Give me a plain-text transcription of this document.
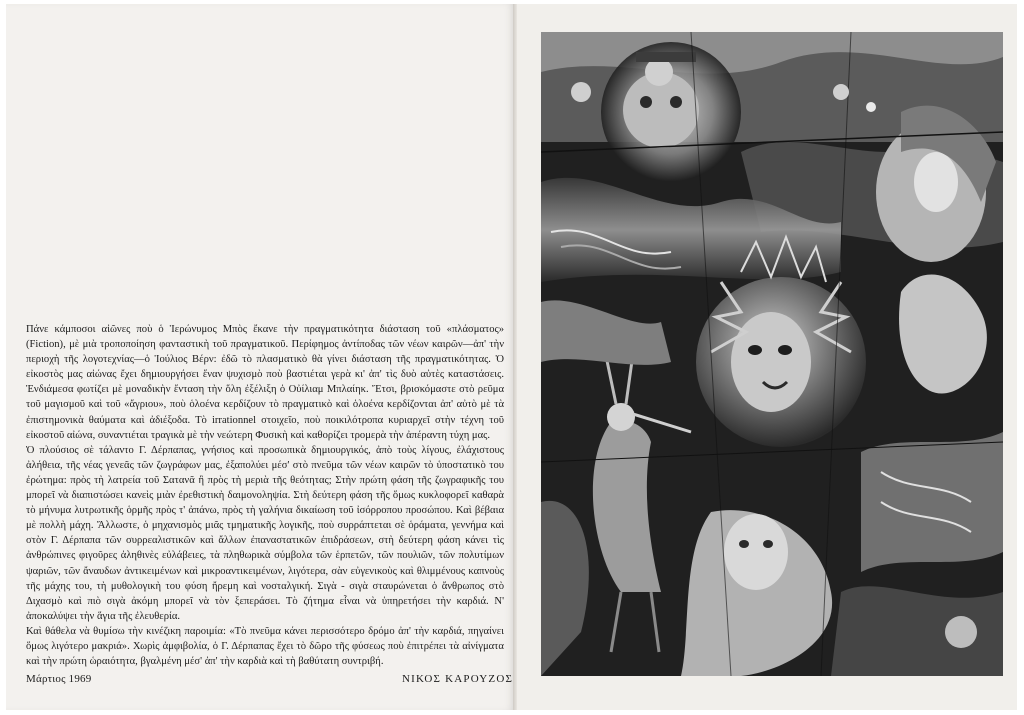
Πάνε κάμποσοι αἰῶνες ποὺ ὁ Ἱερώνυμος Μπὸς ἔκανε τὴν πραγματικότητα διάσταση τοῦ «πλάσματος» (Fiction), μὲ μιὰ τροποποίηση φανταστικὴ τοῦ πραγματικοῦ. Περίφημος ἀντίποδας τῶν νέων καιρῶν—ἀπ' τὴν περιοχὴ τῆς λογοτεχνίας—ὁ Ἰούλιος Βέρν: ἐδῶ τὸ πλασματικὸ θὰ γίνει διάσταση τῆς πραγματικότητας. Ὁ εἰκοστὸς μας αἰώνας ἔχει δημιουργήσει ἕναν ψυχισμὸ ποὺ βαστιέται γερὰ κι' ἀπ' τὶς δυὸ αὐτὲς καταστάσεις. Ἐνδιάμεσα φωτίζει μὲ μοναδικὴν ἔνταση τὴν ὅλη ἐξέλιξη ὁ Οὐίλιαμ Μπλαίηκ. Ἔτσι, βρισκόμαστε στὸ ρεῦμα τοῦ μαγισμοῦ καὶ τοῦ «ἄγριου», ποὺ ὁλοένα κερδίζουν τὸ πραγματικὸ καὶ ὁλοένα κερδίζονται ἀπ' αὐτὸ μὲ τὰ ἐπιστημονικὰ θαύματα καὶ ἀδιέξοδα. Τὸ irrationnel στοιχεῖο, ποὺ ποικιλότροπα κυριαρχεῖ στὴν τέχνη τοῦ εἰκοστοῦ αἰώνα, συναντιέται τραγικὰ μὲ τὴν νεώτερη Φυσικὴ καὶ καθορίζει τρομερὰ τὴν ἀπέραντη τύχη μας.

Ὁ πλούσιος σὲ τάλαντο Γ. Δέρπαπας, γνήσιος καὶ προσωπικὰ δημιουργικός, ἀπὸ τοὺς λίγους, ἐλάχιστους ἀλήθεια, τῆς νέας γενεᾶς τῶν ζωγράφων μας, ἐξαπολύει μέσ' στὸ πνεῦμα τῶν νέων καιρῶν τὸ ὑποστατικὸ του ἐρώτημα: πρὸς τὴ λατρεία τοῦ Σατανᾶ ἢ πρὸς τὴ μεριὰ τῆς θεότητας; Στὴν πρώτη φάση τῆς ζωγραφικῆς του μπορεῖ νὰ διαπιστώσει κανεὶς μιὰν ἐρεθιστικὴ δαιμονοληψία. Στὴ δεύτερη φάση τῆς ὅμως κυκλοφορεῖ καθαρὰ τὸ μήνυμα λυτρωτικῆς ὁρμῆς πρὸς τ' ἀπάνω, πρὸς τὴ γαλήνια δικαίωση τοῦ ἰσόρροπου προσώπου. Καὶ βέβαια μὲ πολλὴ μάχη. Ἄλλωστε, ὁ μηχανισμὸς μιᾶς τμηματικῆς λογικῆς, ποὺ συρράπτεται σὲ ὁράματα, γεννήμα καὶ στὸν Γ. Δέρπαπα τῶν συρρεαλιστικῶν καὶ ἄλλων ἐπαναστατικῶν ἐπιδράσεων, στὴ δεύτερη φάση κάνει τὶς ἀνθρώπινες φιγοῦρες ἀληθινὲς εὐλάβειες, τὰ πληθωρικὰ σύμβολα τῶν ἑρπετῶν, τῶν πουλιῶν, τῶν πολυτίμων ψαριῶν, τῶν ἄναυδων ἀντικειμένων καὶ μικροαντικειμένων, λιγότερα, σὰν εὐγενικοὺς καὶ θλιμμένους καπνοὺς τῆς μάχης του, τὴ μυθολογικὴ του φύση ἤρεμη καὶ νοσταλγική. Σιγὰ - σιγὰ σταυρώνεται ὁ ἄνθρωπος στὸ Διχασμὸ καὶ πιὸ σιγὰ ἀκόμη μπορεῖ νὰ τὸν ξεπεράσει. Τὸ ζήτημα εἶναι νὰ ὑπηρετήσει τὴν καρδιά. Ν' ἀποκαλύψει τὴν ἅγια τῆς ἐλευθερία.

Καὶ θάθελα νὰ θυμίσω τὴν κινέζικη παροιμία: «Τὸ πνεῦμα κάνει περισσότερο δρόμο ἀπ' τὴν καρδιά, πηγαίνει ὅμως λιγότερο μακριά». Χωρὶς ἀμφιβολία, ὁ Γ. Δέρπαπας ἔχει τὸ δῶρο τῆς φύσεως ποὺ ἐπιτρέπει τὰ αἰνίγματα καὶ τὴν πρώτη ὡραιότητα, βγαλμένη μέσ' ἀπ' τὴν καρδιὰ καὶ τὴ βαθύτατη συντριβή.

Μάρτιος 1969	ΝΙΚΟΣ ΚΑΡΟΥΖΟΣ
